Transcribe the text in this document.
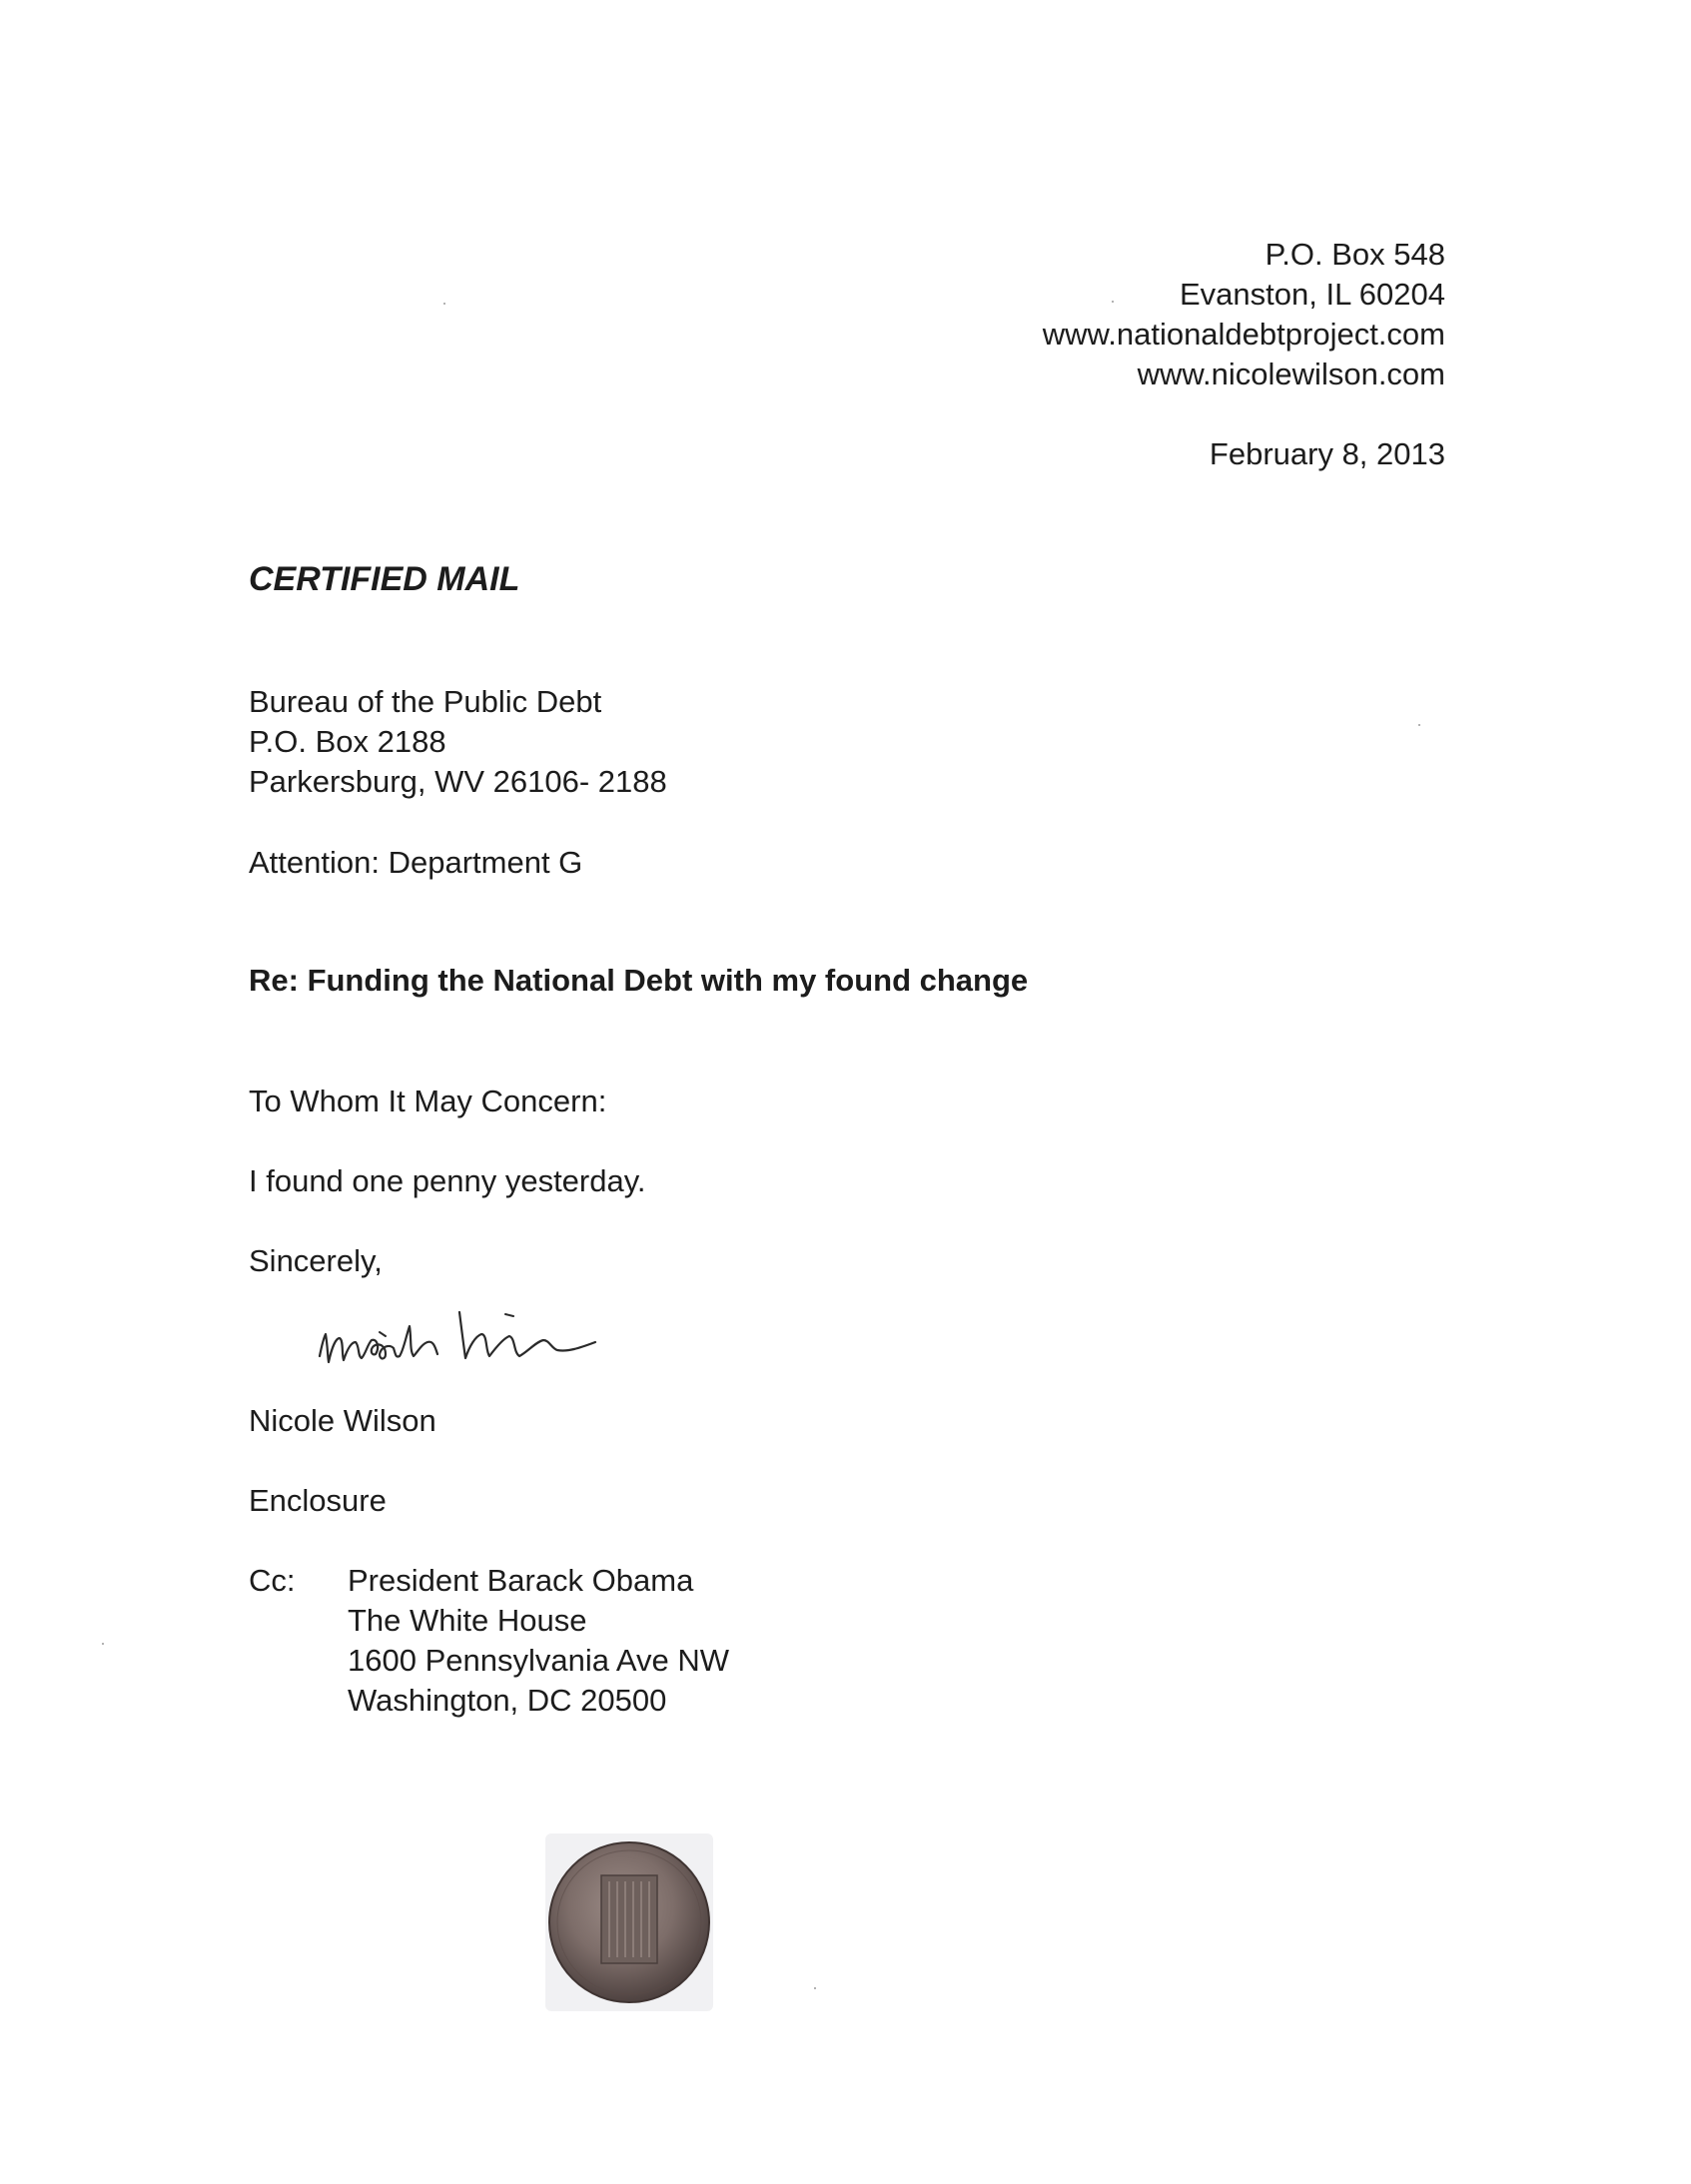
P.O. Box 548
Evanston, IL 60204
www.nationaldebtproject.com
www.nicolewilson.com
February 8, 2013
CERTIFIED MAIL
Bureau of the Public Debt
P.O. Box 2188
Parkersburg, WV 26106- 2188
Attention: Department G
Re: Funding the National Debt with my found change
To Whom It May Concern:
I found one penny yesterday.
Sincerely,
Nicole Wilson
Enclosure
Cc: President Barack Obama
The White House
1600 Pennsylvania Ave NW
Washington, DC 20500
